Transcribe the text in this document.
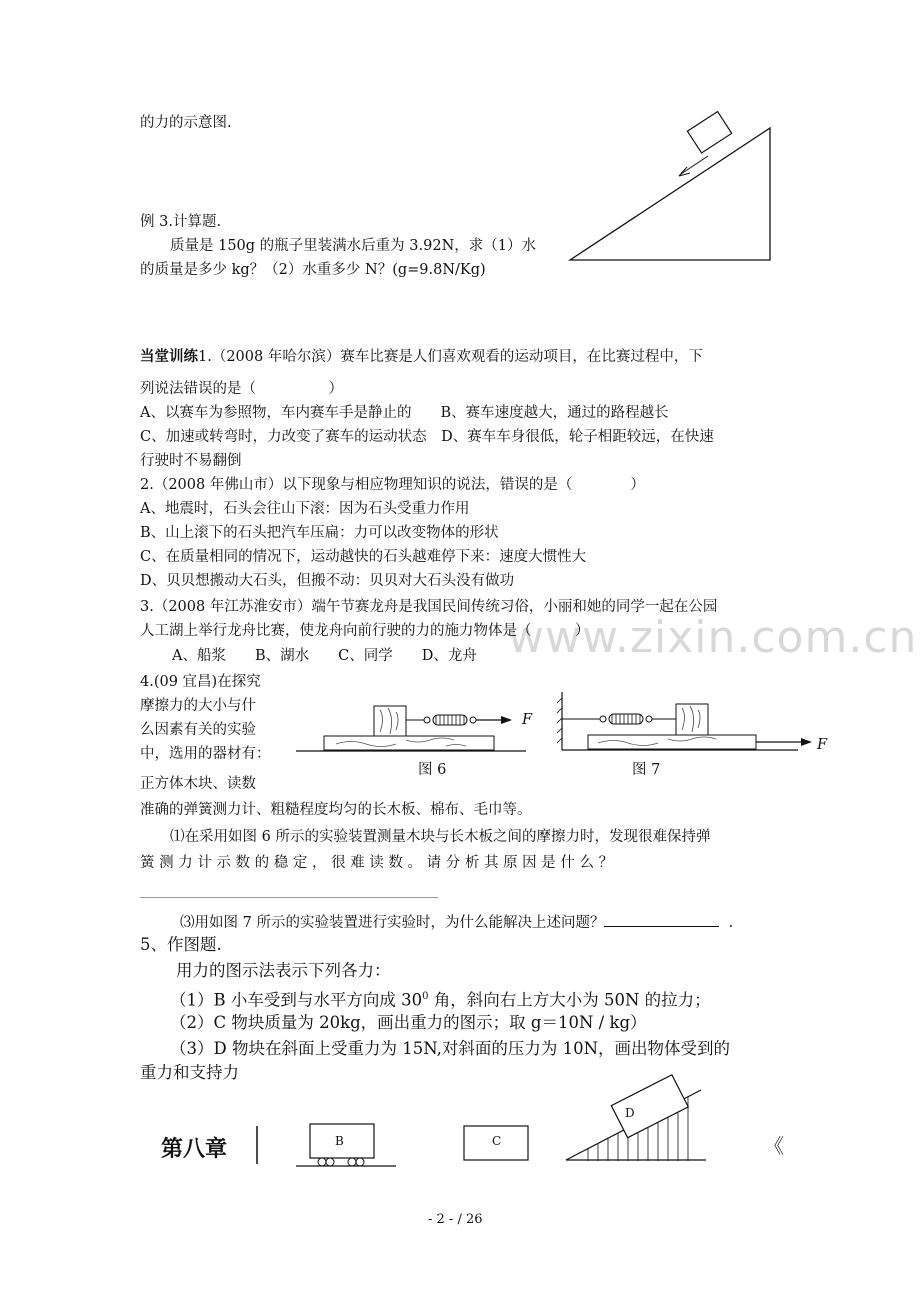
www.zixin.com.cn
的力的示意图.
例 3.计算题.
质量是 150g 的瓶子里装满水后重为 3.92N，求（1）水
的质量是多少 kg？（2）水重多少 N？(g=9.8N/Kg)
当堂训练1.（2008 年哈尔滨）赛车比赛是人们喜欢观看的运动项目，在比赛过程中，下
列说法错误的是（　　　　　）
A、以赛车为参照物，车内赛车手是静止的　　B、赛车速度越大，通过的路程越长
C、加速或转弯时，力改变了赛车的运动状态　D、赛车车身很低，轮子相距较远，在快速
行驶时不易翻倒
2.（2008 年佛山市）以下现象与相应物理知识的说法，错误的是（　　　　）
A、地震时，石头会往山下滚：因为石头受重力作用
B、山上滚下的石头把汽车压扁：力可以改变物体的形状
C、在质量相同的情况下，运动越快的石头越难停下来：速度大惯性大
D、贝贝想搬动大石头，但搬不动：贝贝对大石头没有做功
3.（2008 年江苏淮安市）端午节赛龙舟是我国民间传统习俗，小丽和她的同学一起在公园
人工湖上举行龙舟比赛，使龙舟向前行驶的力的施力物体是（　　　）
A、船浆　　B、湖水　　C、同学　　D、龙舟
4.(09 宜昌)在探究
摩擦力的大小与什
么因素有关的实验
中，选用的器材有：
正方体木块、读数
准确的弹簧测力计、粗糙程度均匀的长木板、棉布、毛巾等。
F
图 6
F
图 7
⑴在采用如图 6 所示的实验装置测量木块与长木板之间的摩擦力时，发现很难保持弹
簧 测 力 计 示 数 的 稳 定 ， 很 难 读 数 。 请 分 析 其 原 因 是 什 么 ？
⑶用如图 7 所示的实验装置进行实验时，为什么能解决上述问题？	.
5、作图题.
用力的图示法表示下列各力：
（1）B 小车受到与水平方向成 $30^0$ 角，斜向右上方大小为 50N 的拉力；
（2）C 物块质量为 20kg，画出重力的图示；取 g＝10N / kg）
（3）D 物块在斜面上受重力为 15N,对斜面的压力为 10N，画出物体受到的
重力和支持力
第八章	B	C
D
《
- 2 - / 26
